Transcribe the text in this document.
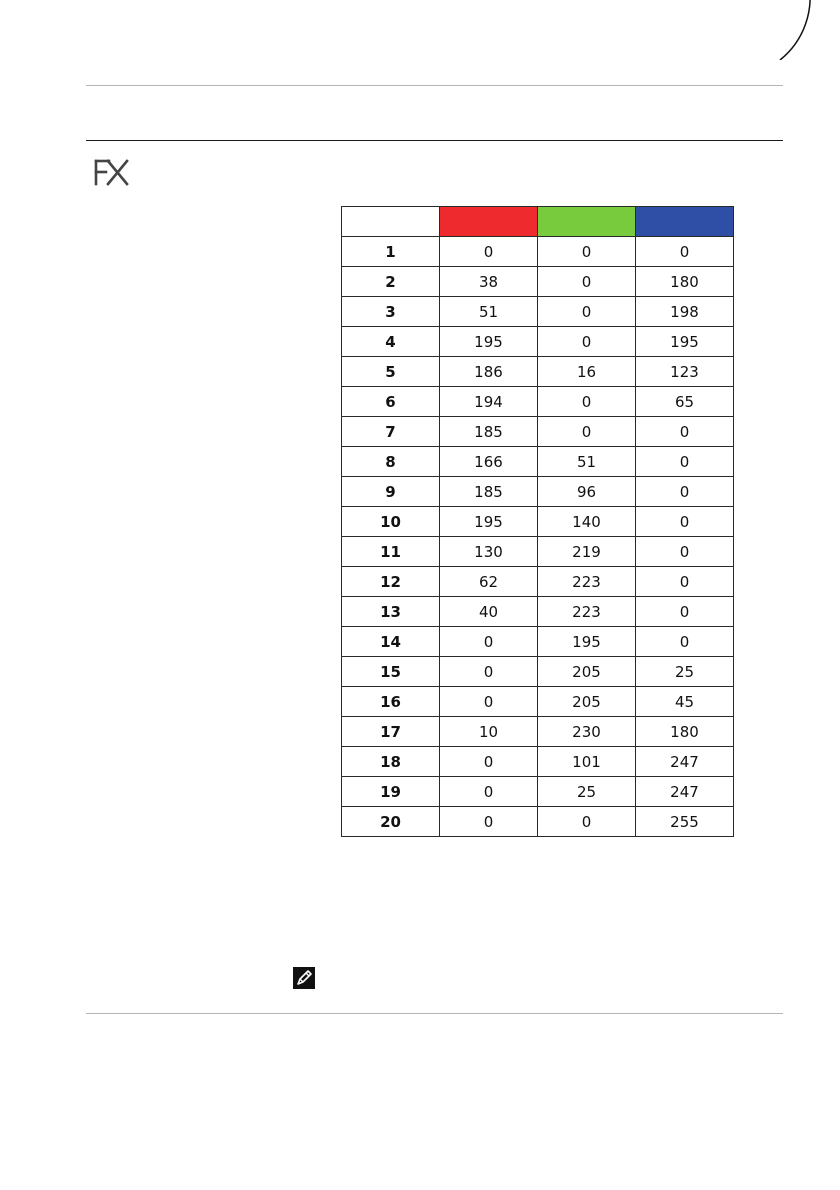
1	0	0	0
2	38	0	180
3	51	0	198
4	195	0	195
5	186	16	123
6	194	0	65
7	185	0	0
8	166	51	0
9	185	96	0
10	195	140	0
11	130	219	0
12	62	223	0
13	40	223	0
14	0	195	0
15	0	205	25
16	0	205	45
17	10	230	180
18	0	101	247
19	0	25	247
20	0	0	255
